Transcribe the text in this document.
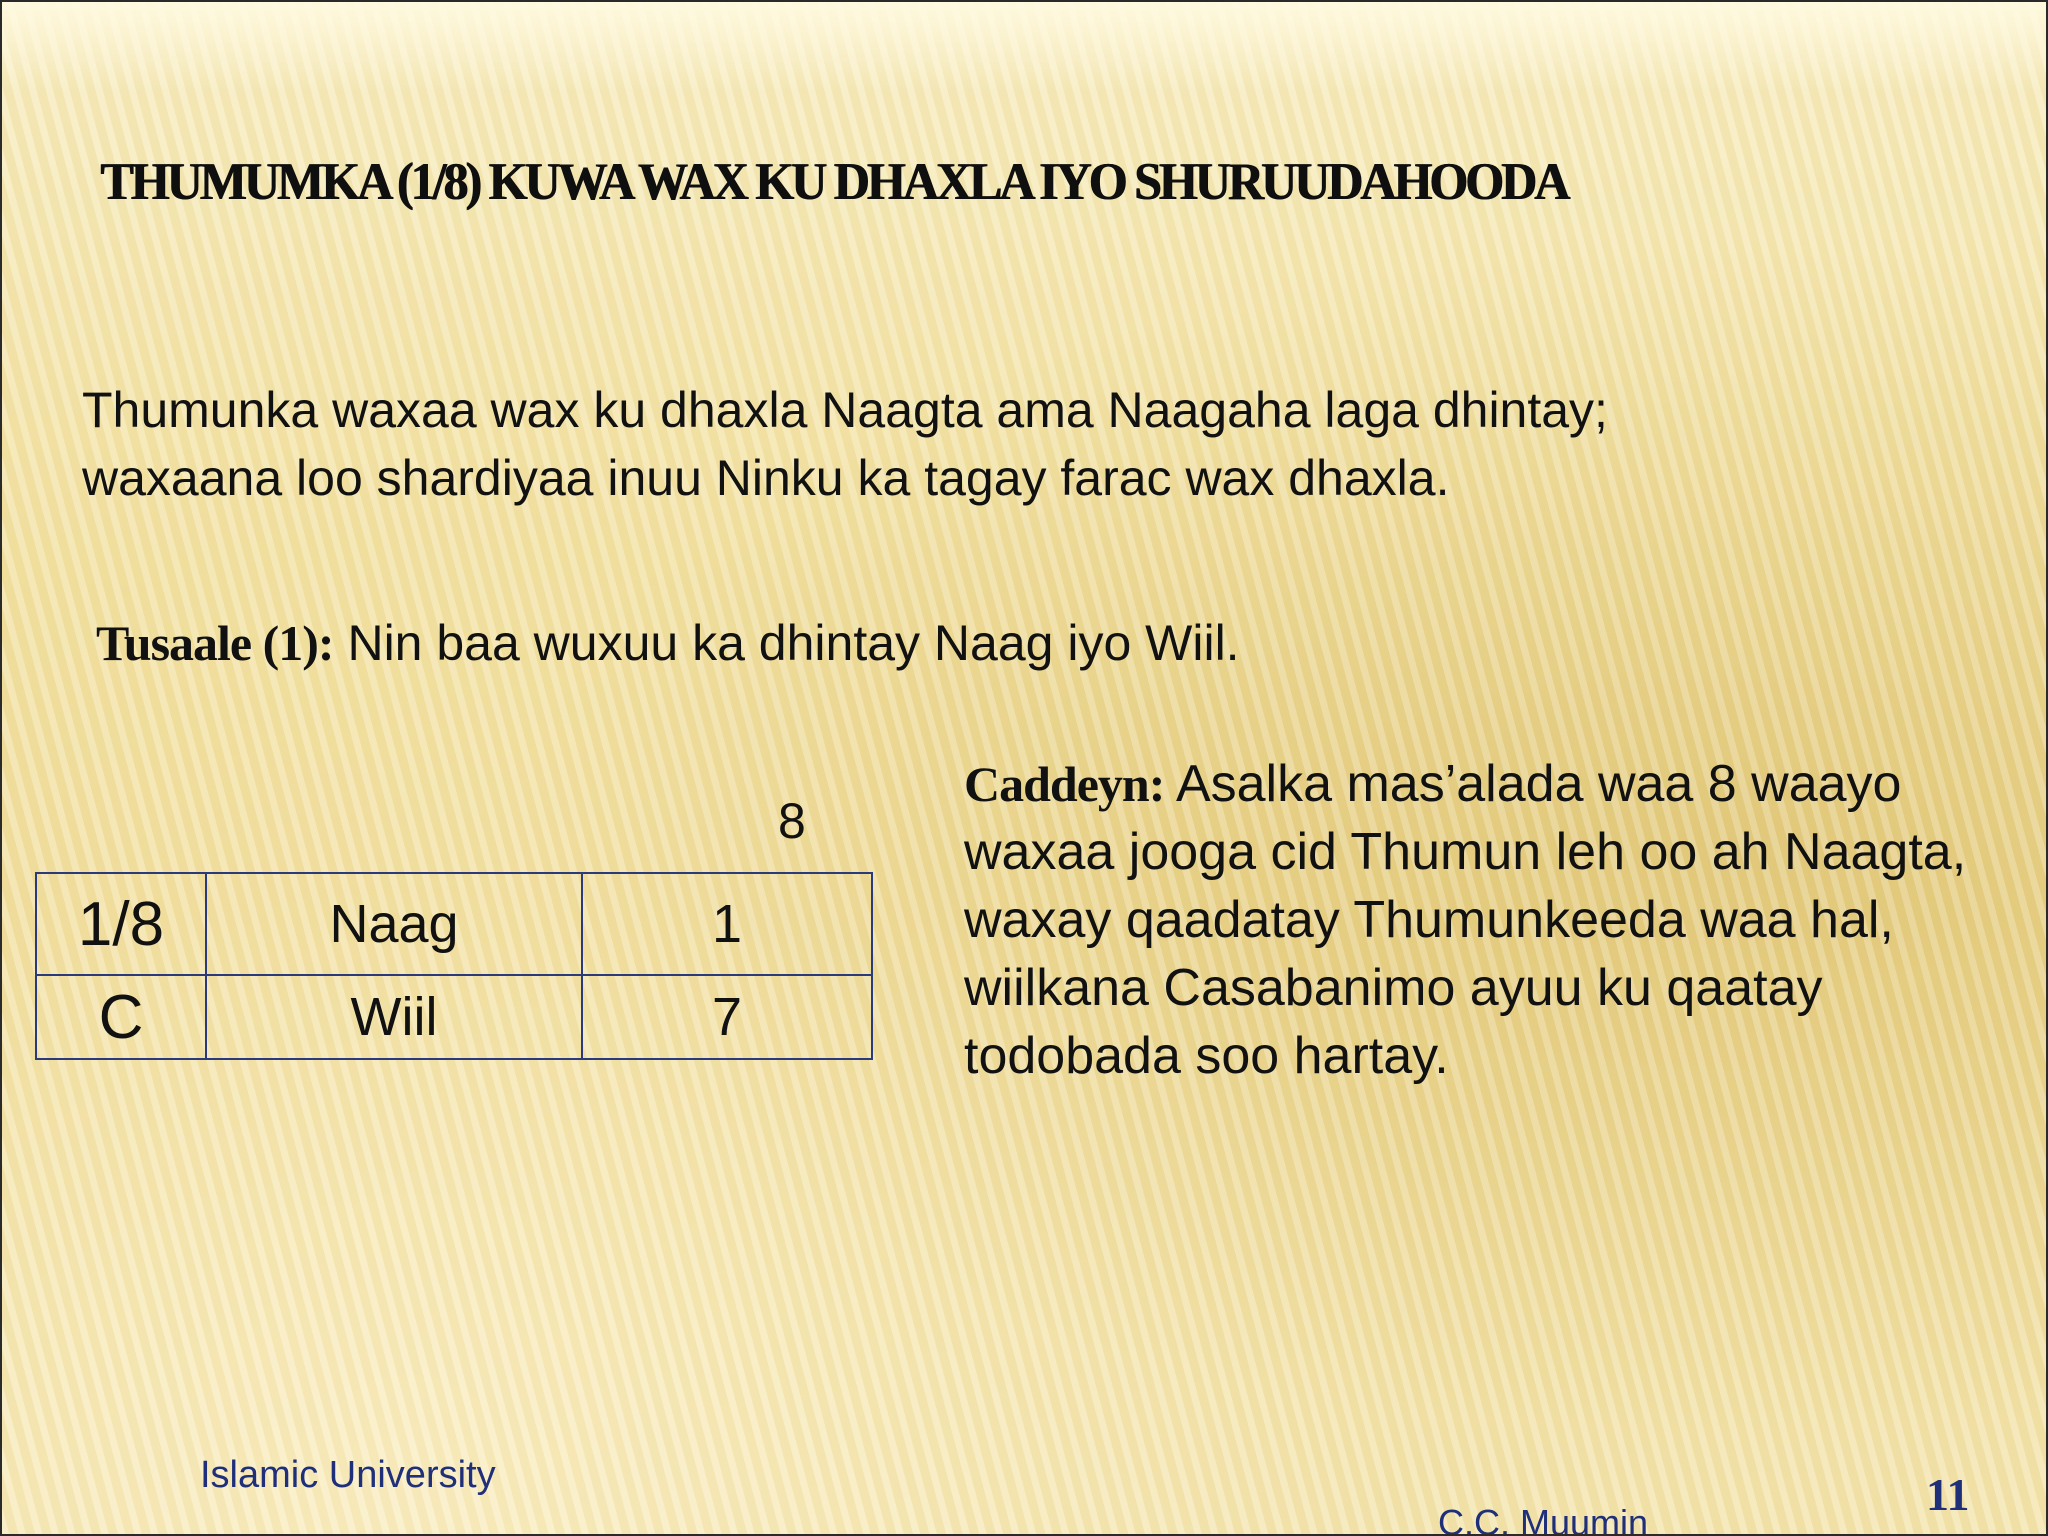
THUMUMKA (1/8) KUWA WAX KU DHAXLA IYO SHURUUDAHOODA
Thumunka waxaa wax ku dhaxla Naagta ama Naagaha laga dhintay;
waxaana loo shardiyaa inuu Ninku ka tagay farac wax dhaxla.
Tusaale (1): Nin baa wuxuu ka dhintay Naag iyo Wiil.
8
1/8	Naag	1
C	Wiil	7
Caddeyn: Asalka mas’alada waa 8 waayo waxaa jooga cid Thumun leh oo ah Naagta, waxay qaadatay Thumunkeeda waa hal, wiilkana Casabanimo ayuu ku qaatay todobada soo hartay.
Islamic University
C.C. Muumin
11
